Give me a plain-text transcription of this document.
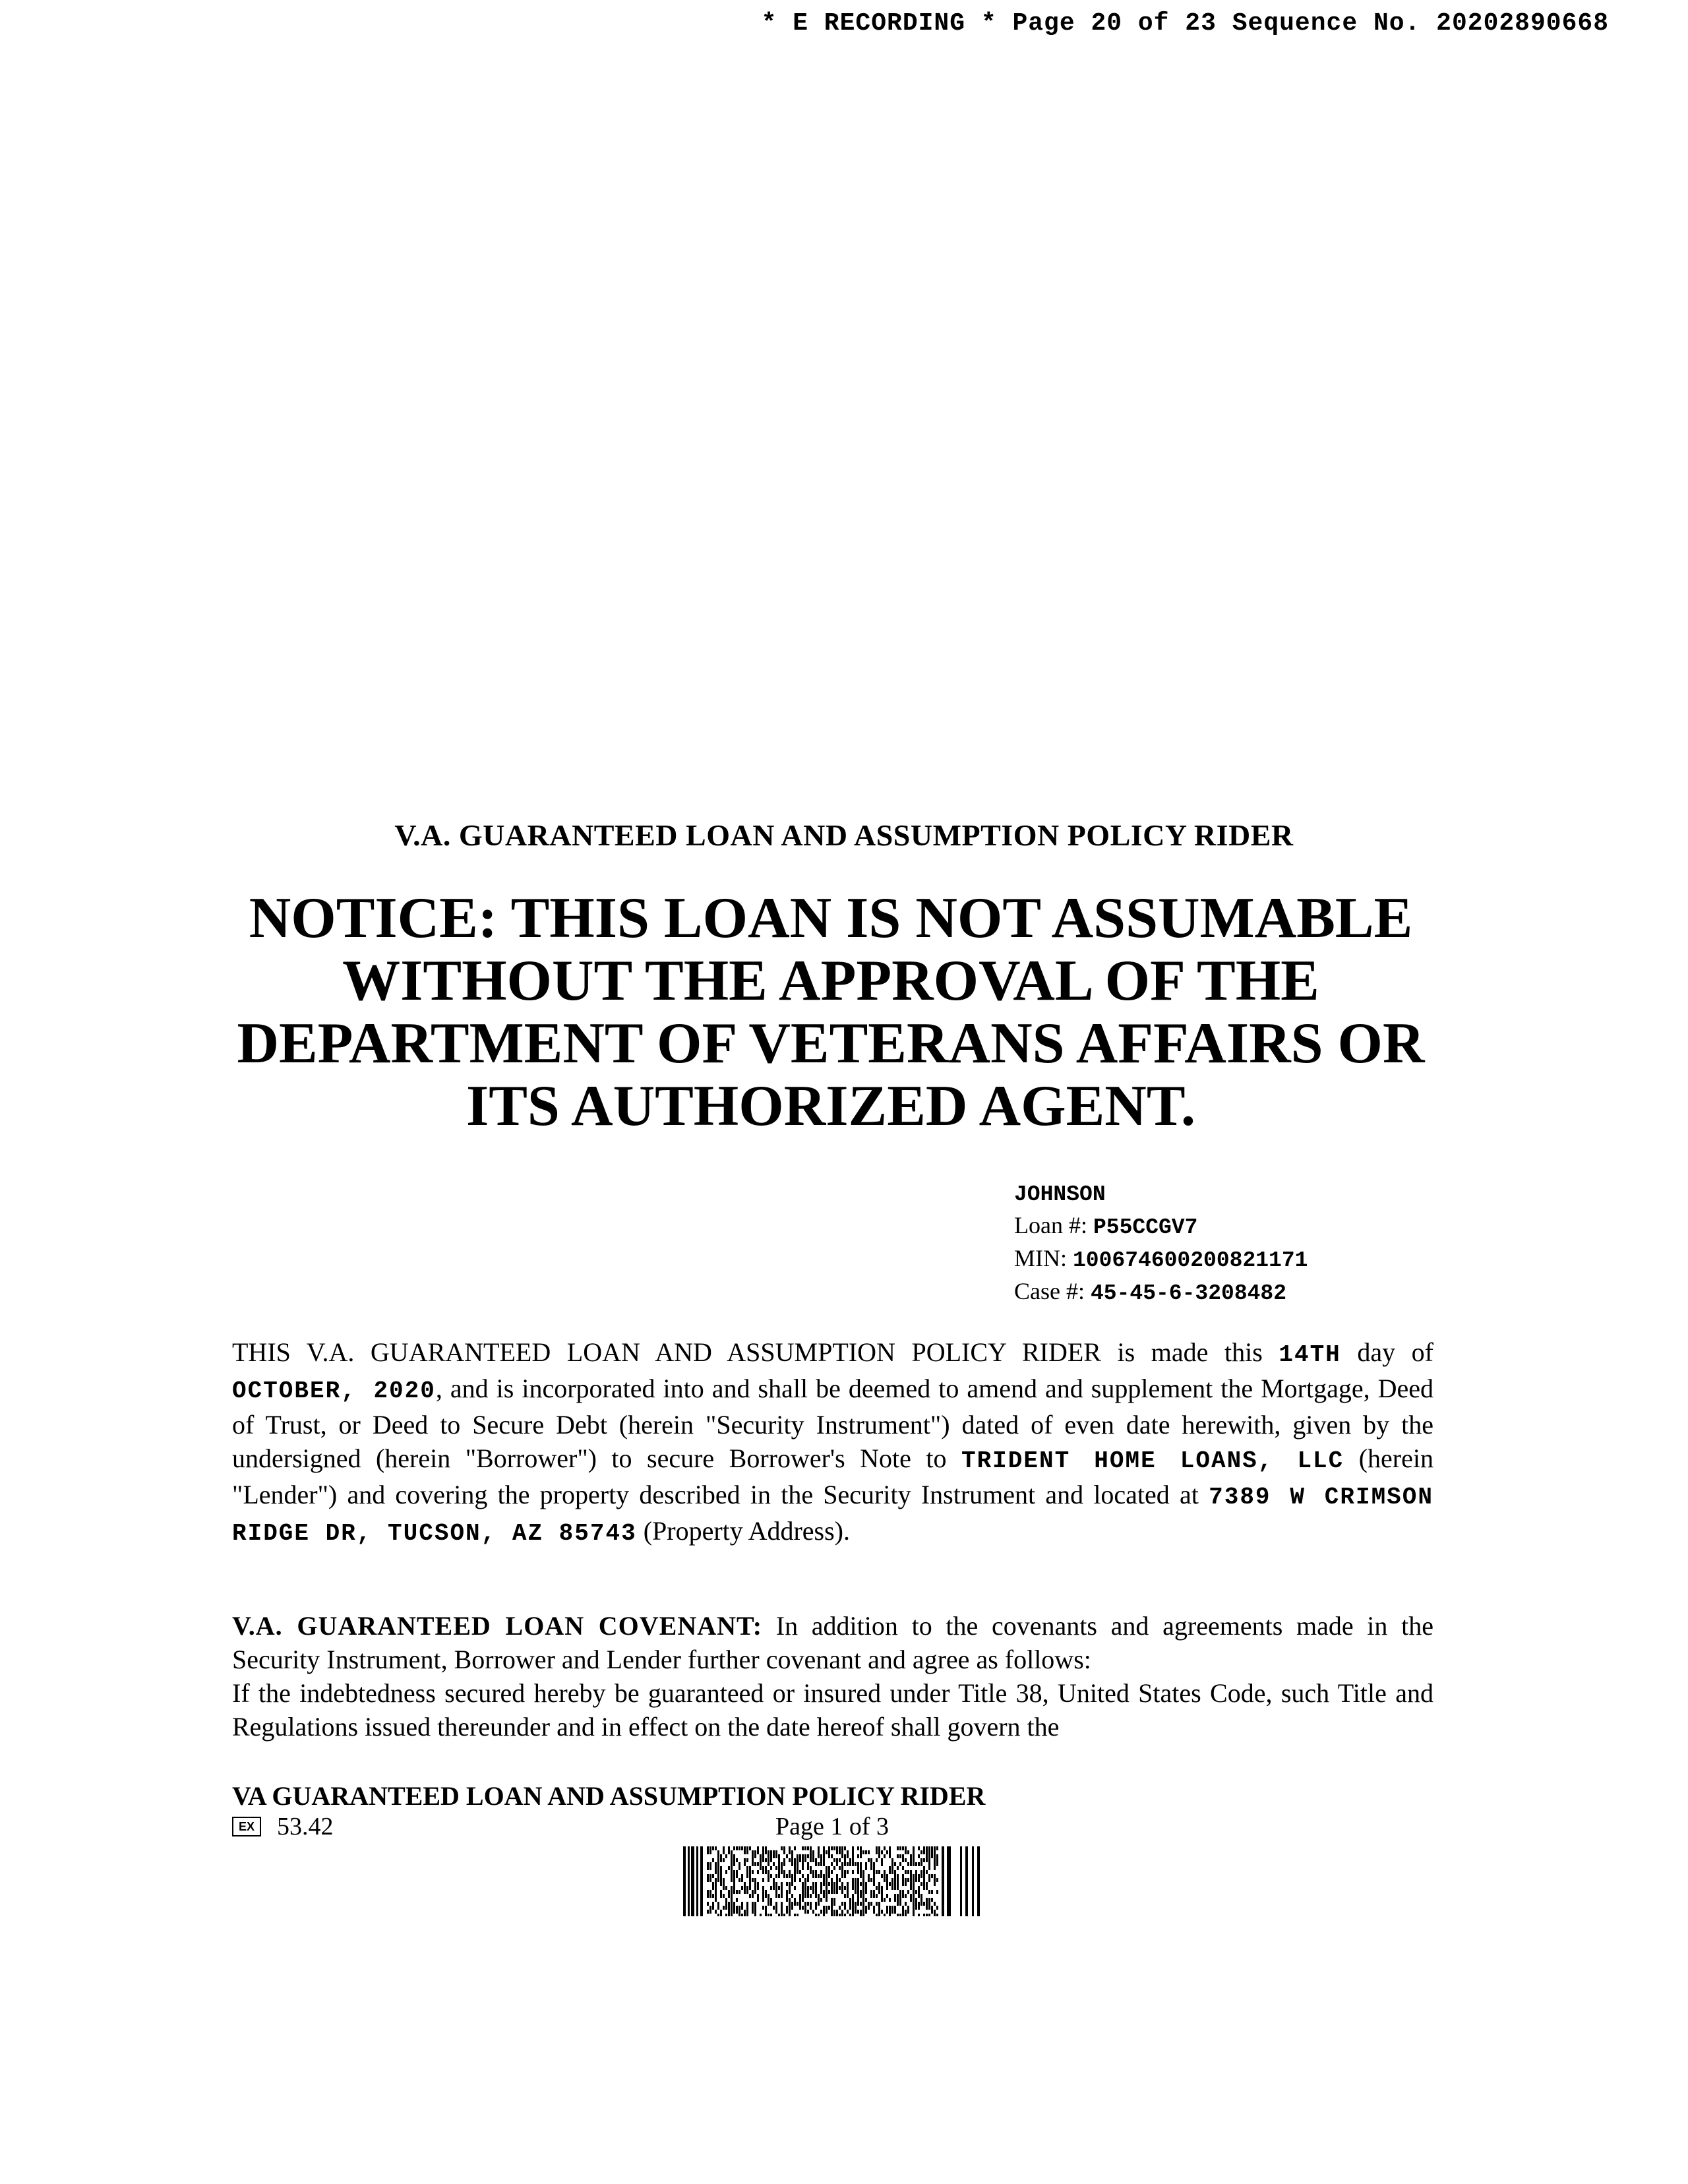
* E RECORDING * Page 20 of 23 Sequence No. 20202890668
V.A. GUARANTEED LOAN AND ASSUMPTION POLICY RIDER
NOTICE: THIS LOAN IS NOT ASSUMABLE
WITHOUT THE APPROVAL OF THE
DEPARTMENT OF VETERANS AFFAIRS OR
ITS AUTHORIZED AGENT.
JOHNSON
Loan #: P55CCGV7
MIN: 100674600200821171
Case #: 45-45-6-3208482
THIS V.A. GUARANTEED LOAN AND ASSUMPTION POLICY RIDER is made this 14TH day of OCTOBER, 2020, and is incorporated into and shall be deemed to amend and supplement the Mortgage, Deed of Trust, or Deed to Secure Debt (herein "Security Instrument") dated of even date herewith, given by the undersigned (herein "Borrower") to secure Borrower's Note to TRIDENT HOME LOANS, LLC (herein "Lender") and covering the property described in the Security Instrument and located at 7389 W CRIMSON RIDGE DR, TUCSON, AZ 85743 (Property Address).
V.A. GUARANTEED LOAN COVENANT: In addition to the covenants and agreements made in the Security Instrument, Borrower and Lender further covenant and agree as follows:
If the indebtedness secured hereby be guaranteed or insured under Title 38, United States Code, such Title and Regulations issued thereunder and in effect on the date hereof shall govern the
VA GUARANTEED LOAN AND ASSUMPTION POLICY RIDER
EX 53.42	Page 1 of 3
